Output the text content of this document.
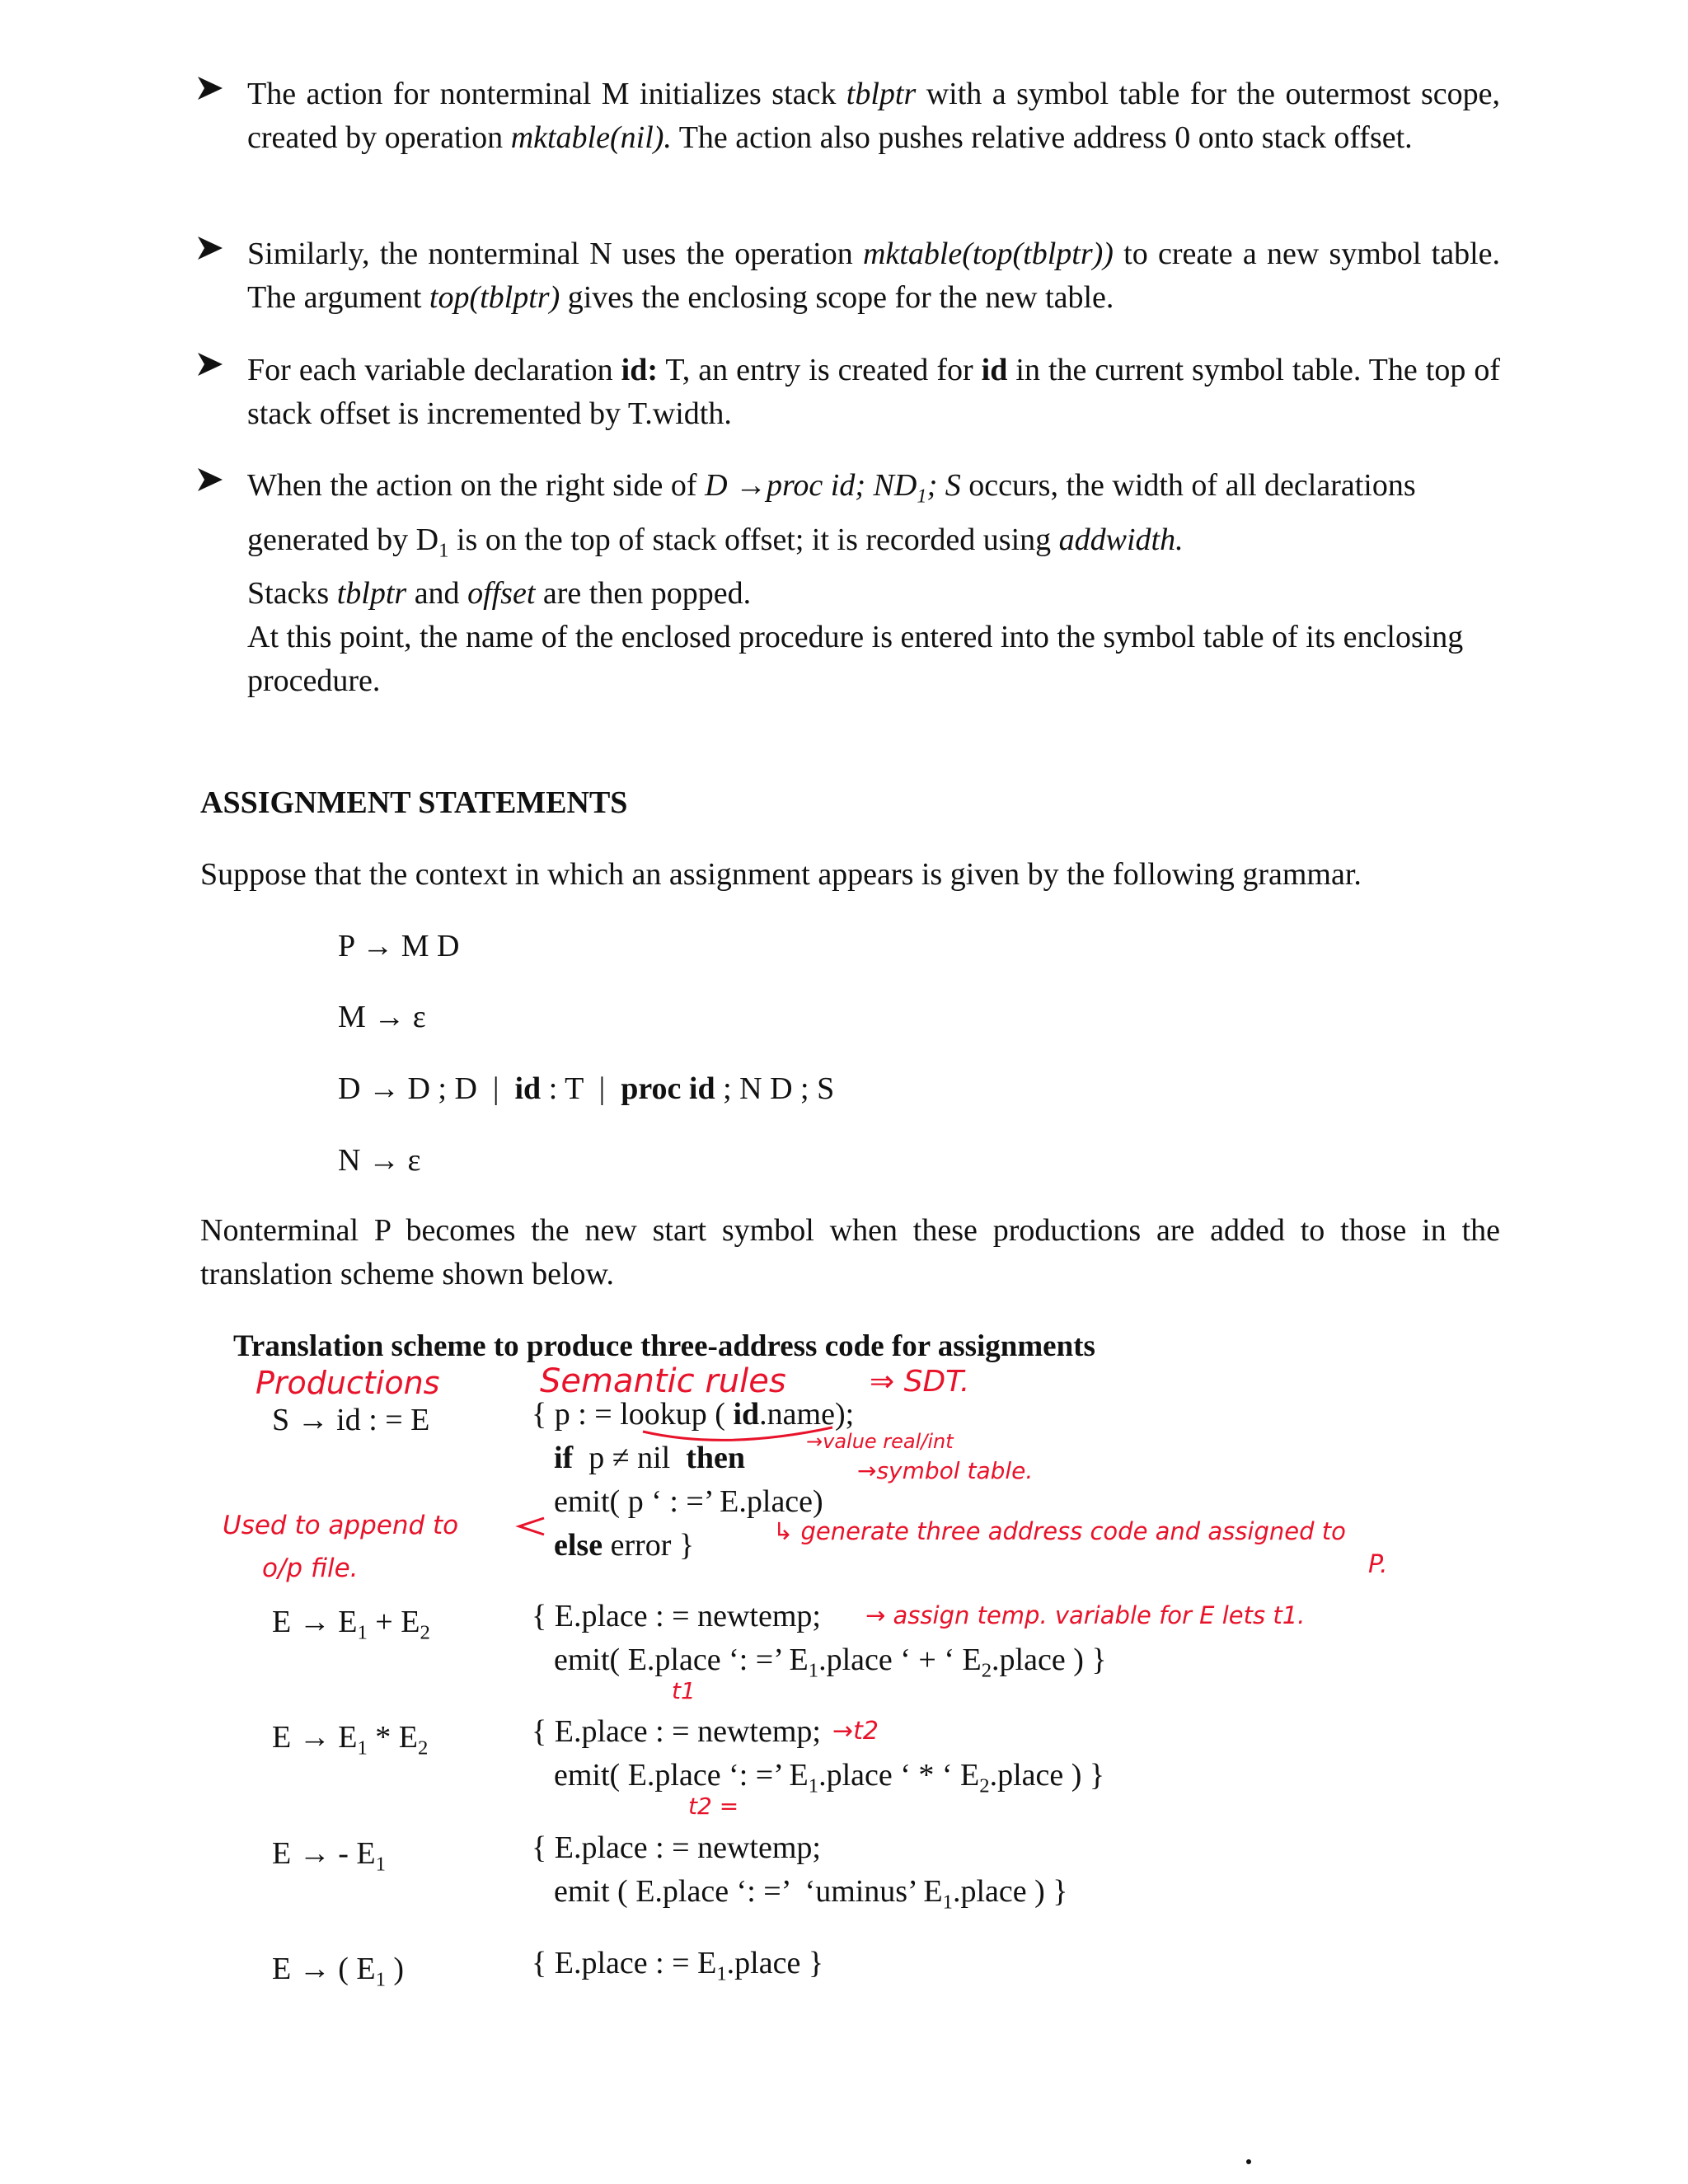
The action for nonterminal M initializes stack tblptr with a symbol table for the outermost scope, created by operation mktable(nil). The action also pushes relative address 0 onto stack offset.

Similarly, the nonterminal N uses the operation mktable(top(tblptr)) to create a new symbol table. The argument top(tblptr) gives the enclosing scope for the new table.

For each variable declaration id: T, an entry is created for id in the current symbol table. The top of stack offset is incremented by T.width.

When the action on the right side of D →proc id; $ND_1$; S occurs, the width of all declarations generated by $D_1$ is on the top of stack offset; it is recorded using addwidth.
Stacks tblptr and offset are then popped.
At this point, the name of the enclosed procedure is entered into the symbol table of its enclosing procedure.

ASSIGNMENT STATEMENTS

Suppose that the context in which an assignment appears is given by the following grammar.

P → M D
M → ε
D → D ; D  |  id : T  |  proc id ; N D ; S
N → ε

Nonterminal P becomes the new start symbol when these productions are added to those in the translation scheme shown below.

Translation scheme to produce three-address code for assignments
S → id : = E
$E \to E_1 + E_2$
$E \to E_1 * E_2$
E → - $E_1$
E → ( $E_1$ )
{ p : = lookup ( id.name);
if  p ≠ nil  then
emit( p ‘ : =’ E.place)
else error }
{ E.place : = newtemp;
emit( E.place ‘: =’ $E_1.place$ ‘ + ‘ $E_2.place$ ) }
{ E.place : = newtemp;
emit( E.place ‘: =’ $E_1.place$ ‘ * ‘ $E_2.place$ ) }
{ E.place : = newtemp;
emit ( E.place ‘: =’  ‘uminus’ $E_1.place$ ) }
{ E.place : = $E_1.place$ }
Productions	Semantic rules	⇒ SDT.
→value real/int
→symbol table.
Used to append to
o/p file.
↳ generate three address code and assigned to
P.
→ assign temp. variable for E lets t1.
t1
→t2
t2 =
